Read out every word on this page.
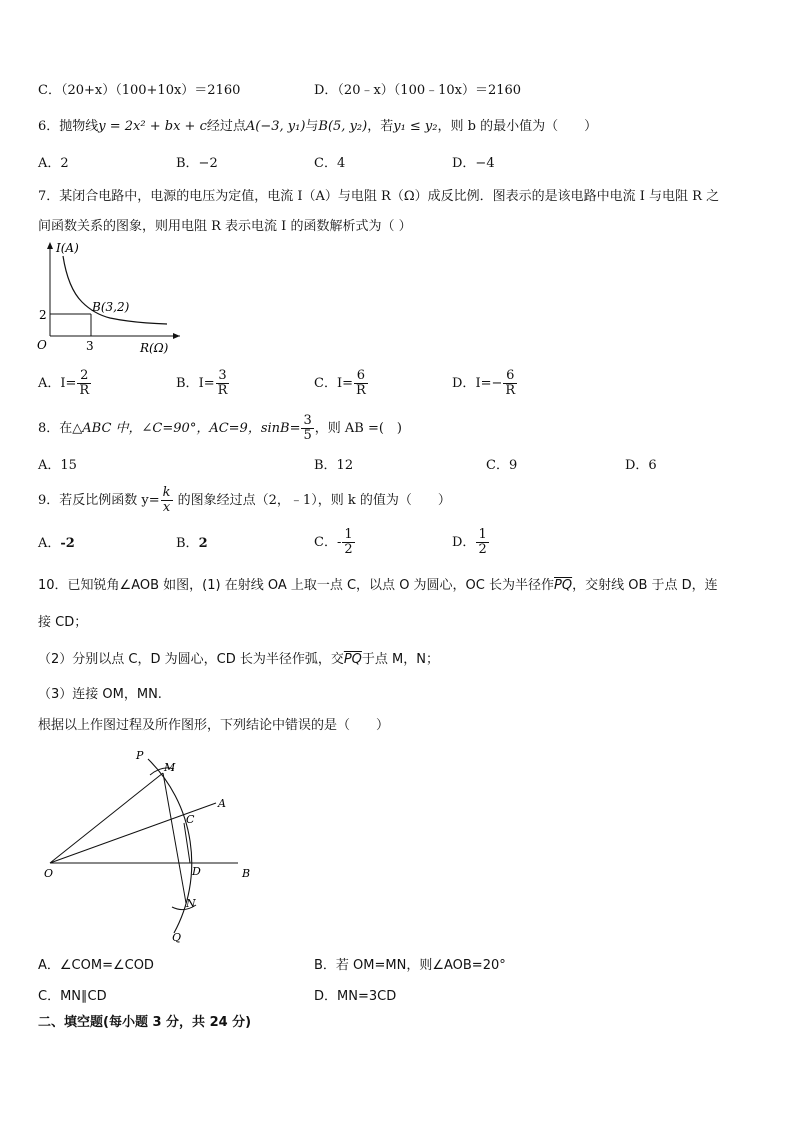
C．（20+x）（100+10x）＝2160	D．（20﹣x）（100﹣10x）＝2160
6．抛物线y = 2x² + bx + c经过点A(−3, y₁)与B(5, y₂)，若y₁ ≤ y₂，则 b 的最小值为（　　）
A．2	B．−2	C．4	D．−4
7．某闭合电路中，电源的电压为定值，电流 I（A）与电阻 R（Ω）成反比例．图表示的是该电路中电流 I 与电阻 R 之
间函数关系的图象，则用电阻 R 表示电流 I 的函数解析式为（ ）
I(A)
R(Ω)
O	3
2
B(3,2)
A．$I= \frac{2}{R}$	B．$I= \frac{3}{R}$	C．$I= \frac{6}{R}$	D．$I=- \frac{6}{R}$
8．在△ABC 中，∠C=90°，AC=9，$\sin B= \frac{3}{5}$ ，则 AB =(　)
A．15	B．12	C．9	D．6
9．若反比例函数 $y= \frac{k}{x}$ 的图象经过点（2，﹣1），则 k 的值为（　　）
A．-2	B．2	C．- $\frac{1}{2}$	D． $\frac{1}{2}$
10．已知锐角∠AOB 如图，(1) 在射线 OA 上取一点 C，以点 O 为圆心，OC 长为半径作$\overline{PQ}$，交射线 OB 于点 D，连
接 CD；
（2）分别以点 C，D 为圆心，CD 长为半径作弧，交$\overline{PQ}$于点 M，N；
（3）连接 OM，MN.
根据以上作图过程及所作图形，下列结论中错误的是（　　）
P
M
A
C
O	D	B
N
Q
A．∠COM=∠COD	B．若 OM=MN，则∠AOB=20°
C．MN∥CD	D．MN=3CD
二、填空题(每小题 3 分，共 24 分)
